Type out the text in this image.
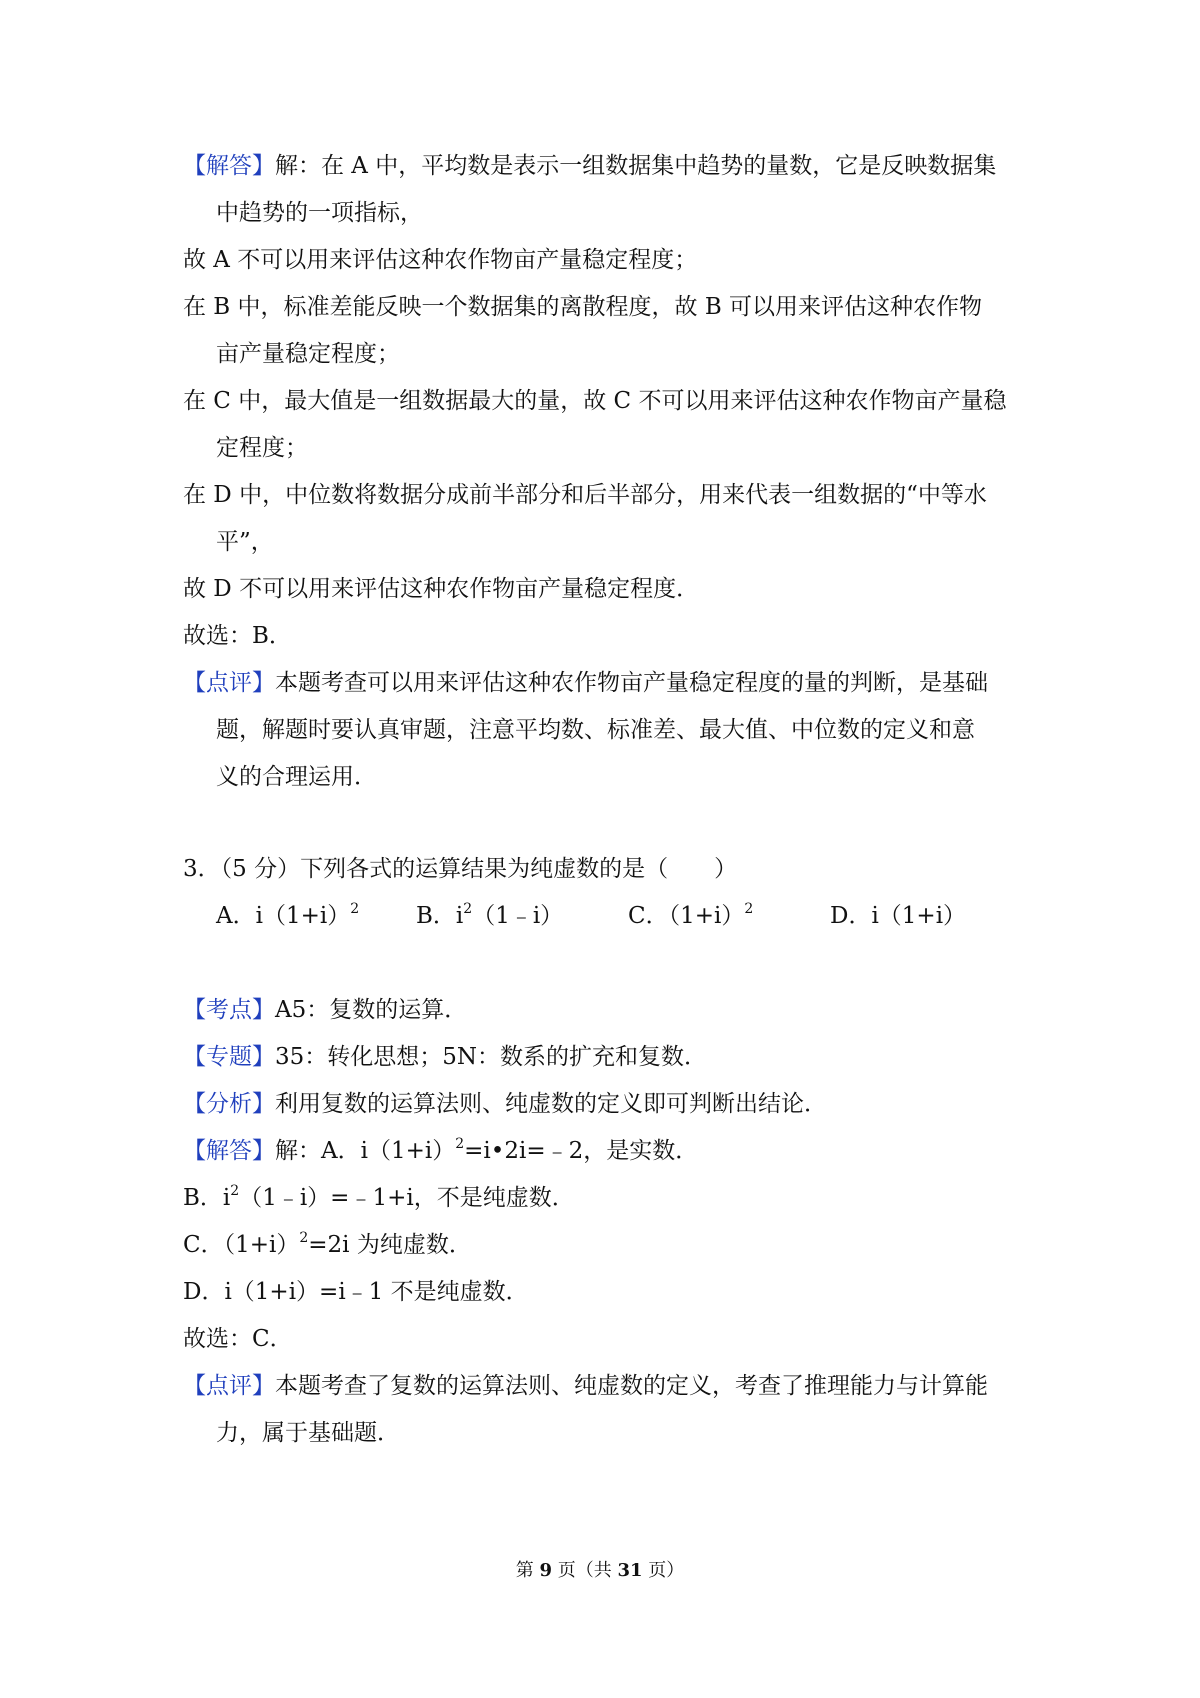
【解答】解：在 A 中，平均数是表示一组数据集中趋势的量数，它是反映数据集
中趋势的一项指标，
故 A 不可以用来评估这种农作物亩产量稳定程度；
在 B 中，标准差能反映一个数据集的离散程度，故 B 可以用来评估这种农作物
亩产量稳定程度；
在 C 中，最大值是一组数据最大的量，故 C 不可以用来评估这种农作物亩产量稳
定程度；
在 D 中，中位数将数据分成前半部分和后半部分，用来代表一组数据的“中等水
平”，
故 D 不可以用来评估这种农作物亩产量稳定程度．
故选：B．
【点评】本题考查可以用来评估这种农作物亩产量稳定程度的量的判断，是基础
题，解题时要认真审题，注意平均数、标准差、最大值、中位数的定义和意
义的合理运用．
3．（5 分）下列各式的运算结果为纯虚数的是（　　）
A．$i(1+i)^2$	B．$i^2(1﹣i)$	C．$(1+i)^2$	D．i（1+i）
【考点】A5：复数的运算．
【专题】35：转化思想；5N：数系的扩充和复数．
【分析】利用复数的运算法则、纯虚数的定义即可判断出结论．
【解答】解：A．$i(1+i)^2=i•2i=﹣2$，是实数．
B．$i^2(1﹣i)=﹣1+i$，不是纯虚数．
C．$(1+i)^2=2i$ 为纯虚数．
D．i（1+i）=i﹣1 不是纯虚数．
故选：C．
【点评】本题考查了复数的运算法则、纯虚数的定义，考查了推理能力与计算能
力，属于基础题．
第 9 页（共 31 页）
